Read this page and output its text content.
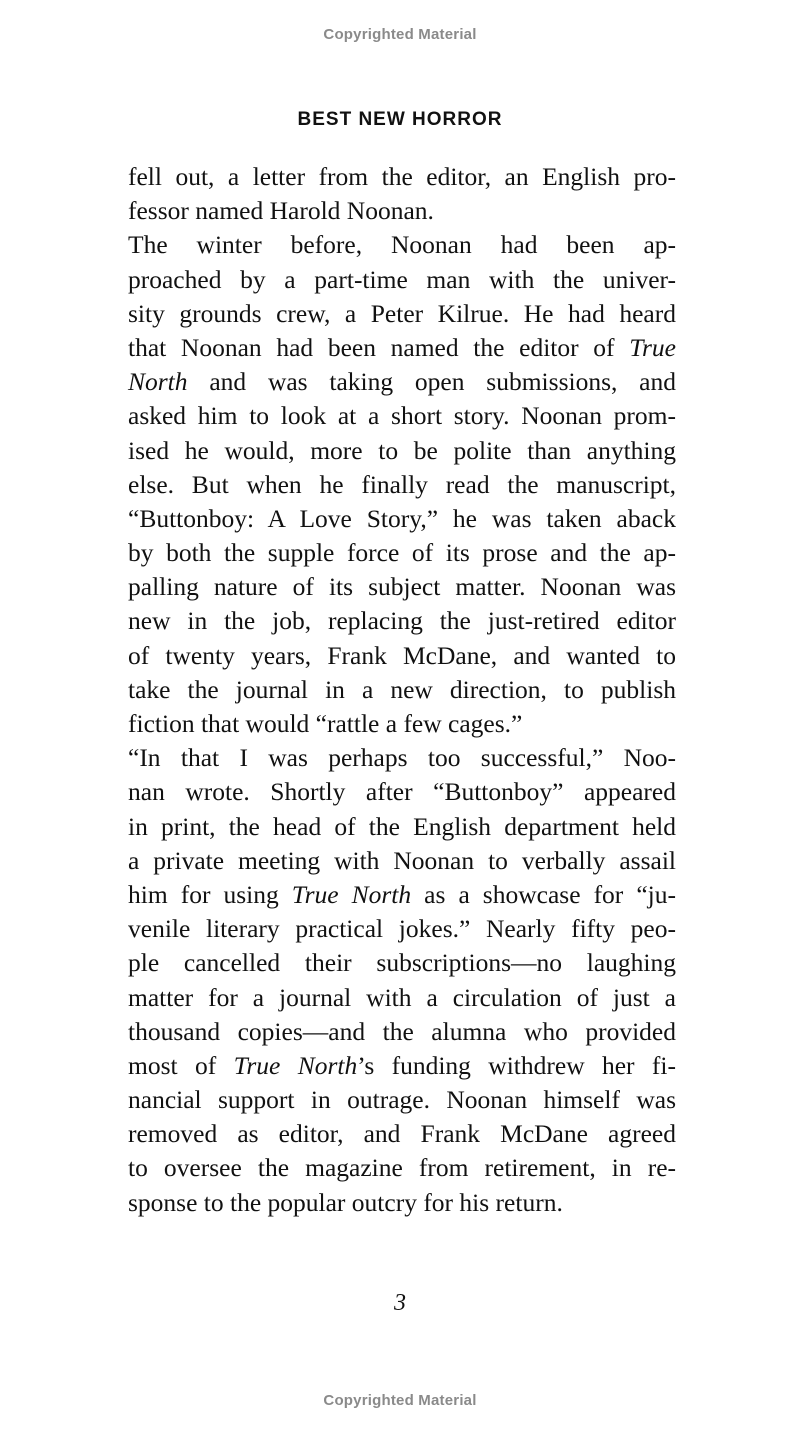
Copyrighted Material
BEST NEW HORROR
fell out, a letter from the editor, an English pro-
fessor named Harold Noonan.
The winter before, Noonan had been ap-
proached by a part-time man with the univer-
sity grounds crew, a Peter Kilrue. He had heard
that Noonan had been named the editor of True
North and was taking open submissions, and
asked him to look at a short story. Noonan prom-
ised he would, more to be polite than anything
else. But when he finally read the manuscript,
“Buttonboy: A Love Story,” he was taken aback
by both the supple force of its prose and the ap-
palling nature of its subject matter. Noonan was
new in the job, replacing the just-retired editor
of twenty years, Frank McDane, and wanted to
take the journal in a new direction, to publish
fiction that would “rattle a few cages.”
“In that I was perhaps too successful,” Noo-
nan wrote. Shortly after “Buttonboy” appeared
in print, the head of the English department held
a private meeting with Noonan to verbally assail
him for using True North as a showcase for “ju-
venile literary practical jokes.” Nearly fifty peo-
ple cancelled their subscriptions—no laughing
matter for a journal with a circulation of just a
thousand copies—and the alumna who provided
most of True North’s funding withdrew her fi-
nancial support in outrage. Noonan himself was
removed as editor, and Frank McDane agreed
to oversee the magazine from retirement, in re-
sponse to the popular outcry for his return.
3
Copyrighted Material
